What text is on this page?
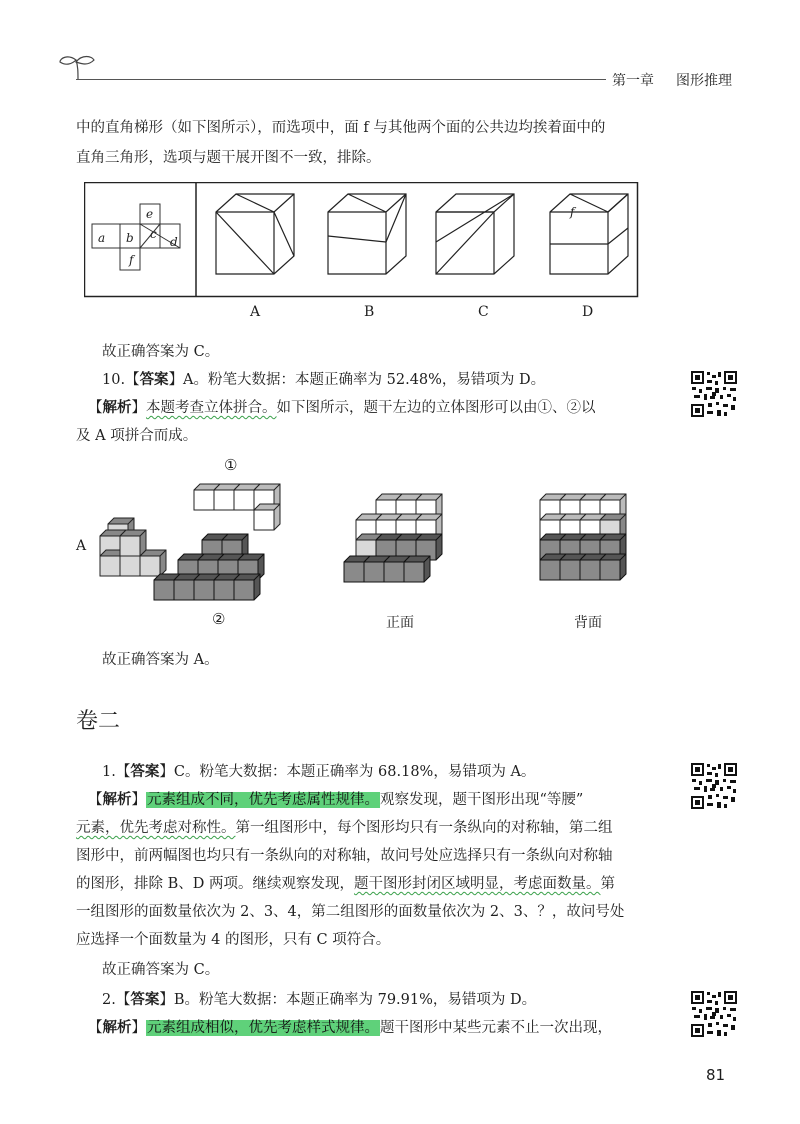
第一章 图形推理
中的直角梯形（如下图所示），而选项中，面 f 与其他两个面的公共边均挨着面中的
直角三角形，选项与题干展开图不一致，排除。
e
a b c
d
f
f
A	B	C	D
故正确答案为 C。
10.【答案】A。粉笔大数据：本题正确率为 52.48%，易错项为 D。
【解析】本题考查立体拼合。如下图所示，题干左边的立体图形可以由①、②以
及 A 项拼合而成。
①
②
A
正面	背面
故正确答案为 A。
卷二
1.【答案】C。粉笔大数据：本题正确率为 68.18%，易错项为 A。
【解析】元素组成不同，优先考虑属性规律。观察发现，题干图形出现“等腰”
元素，优先考虑对称性。第一组图形中，每个图形均只有一条纵向的对称轴，第二组
图形中，前两幅图也均只有一条纵向的对称轴，故问号处应选择只有一条纵向对称轴
的图形，排除 B、D 两项。继续观察发现，题干图形封闭区域明显，考虑面数量。第
一组图形的面数量依次为 2、3、4，第二组图形的面数量依次为 2、3、？，故问号处
应选择一个面数量为 4 的图形，只有 C 项符合。
故正确答案为 C。
2.【答案】B。粉笔大数据：本题正确率为 79.91%，易错项为 D。
【解析】元素组成相似，优先考虑样式规律。题干图形中某些元素不止一次出现，
81
